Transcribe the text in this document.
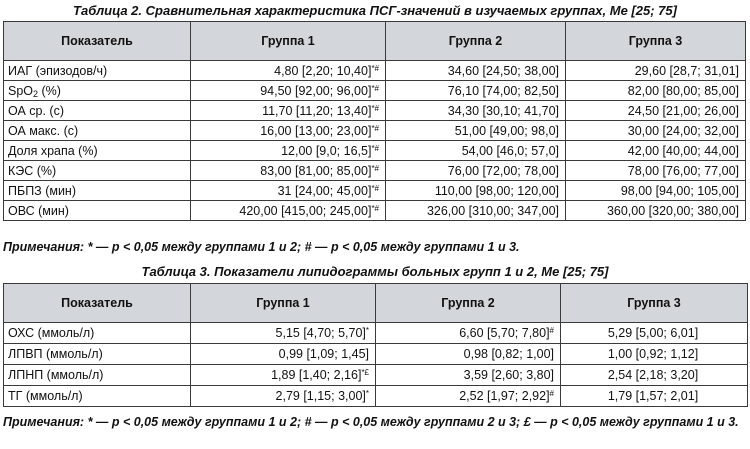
Таблица 2. Сравнительная характеристика ПСГ-значений в изучаемых группах, Ме [25; 75]
Показатель	Группа 1	Группа 2	Группа 3
ИАГ (эпизодов/ч)	4,80 [2,20; 10,40]*#	34,60 [24,50; 38,00]	29,60 [28,7; 31,01]
SpO$_2$ (%)	94,50 [92,00; 96,00]*#	76,10 [74,00; 82,50]	82,00 [80,00; 85,00]
ОА ср. (с)	11,70 [11,20; 13,40]*#	34,30 [30,10; 41,70]	24,50 [21,00; 26,00]
ОА макс. (с)	16,00 [13,00; 23,00]*#	51,00 [49,00; 98,0]	30,00 [24,00; 32,00]
Доля храпа (%)	12,00 [9,0; 16,5]*#	54,00 [46,0; 57,0]	42,00 [40,00; 44,00]
КЭС (%)	83,00 [81,00; 85,00]*#	76,00 [72,00; 78,00]	78,00 [76,00; 77,00]
ПБПЗ (мин)	31 [24,00; 45,00]*#	110,00 [98,00; 120,00]	98,00 [94,00; 105,00]
ОВС (мин)	420,00 [415,00; 245,00]*#	326,00 [310,00; 347,00]	360,00 [320,00; 380,00]
Примечания: * — p < 0,05 между группами 1 и 2; # — p < 0,05 между группами 1 и 3.
Таблица 3. Показатели липидограммы больных групп 1 и 2, Ме [25; 75]
Показатель	Группа 1	Группа 2	Группа 3
ОХС (ммоль/л)	5,15 [4,70; 5,70]*	6,60 [5,70; 7,80]#	5,29 [5,00; 6,01]
ЛПВП (ммоль/л)	0,99 [1,09; 1,45]	0,98 [0,82; 1,00]	1,00 [0,92; 1,12]
ЛПНП (ммоль/л)	1,89 [1,40; 2,16]*£	3,59 [2,60; 3,80]	2,54 [2,18; 3,20]
ТГ (ммоль/л)	2,79 [1,15; 3,00]*	2,52 [1,97; 2,92]#	1,79 [1,57; 2,01]
Примечания: * — p < 0,05 между группами 1 и 2; # — p < 0,05 между группами 2 и 3; £ — p < 0,05 между группами 1 и 3.
